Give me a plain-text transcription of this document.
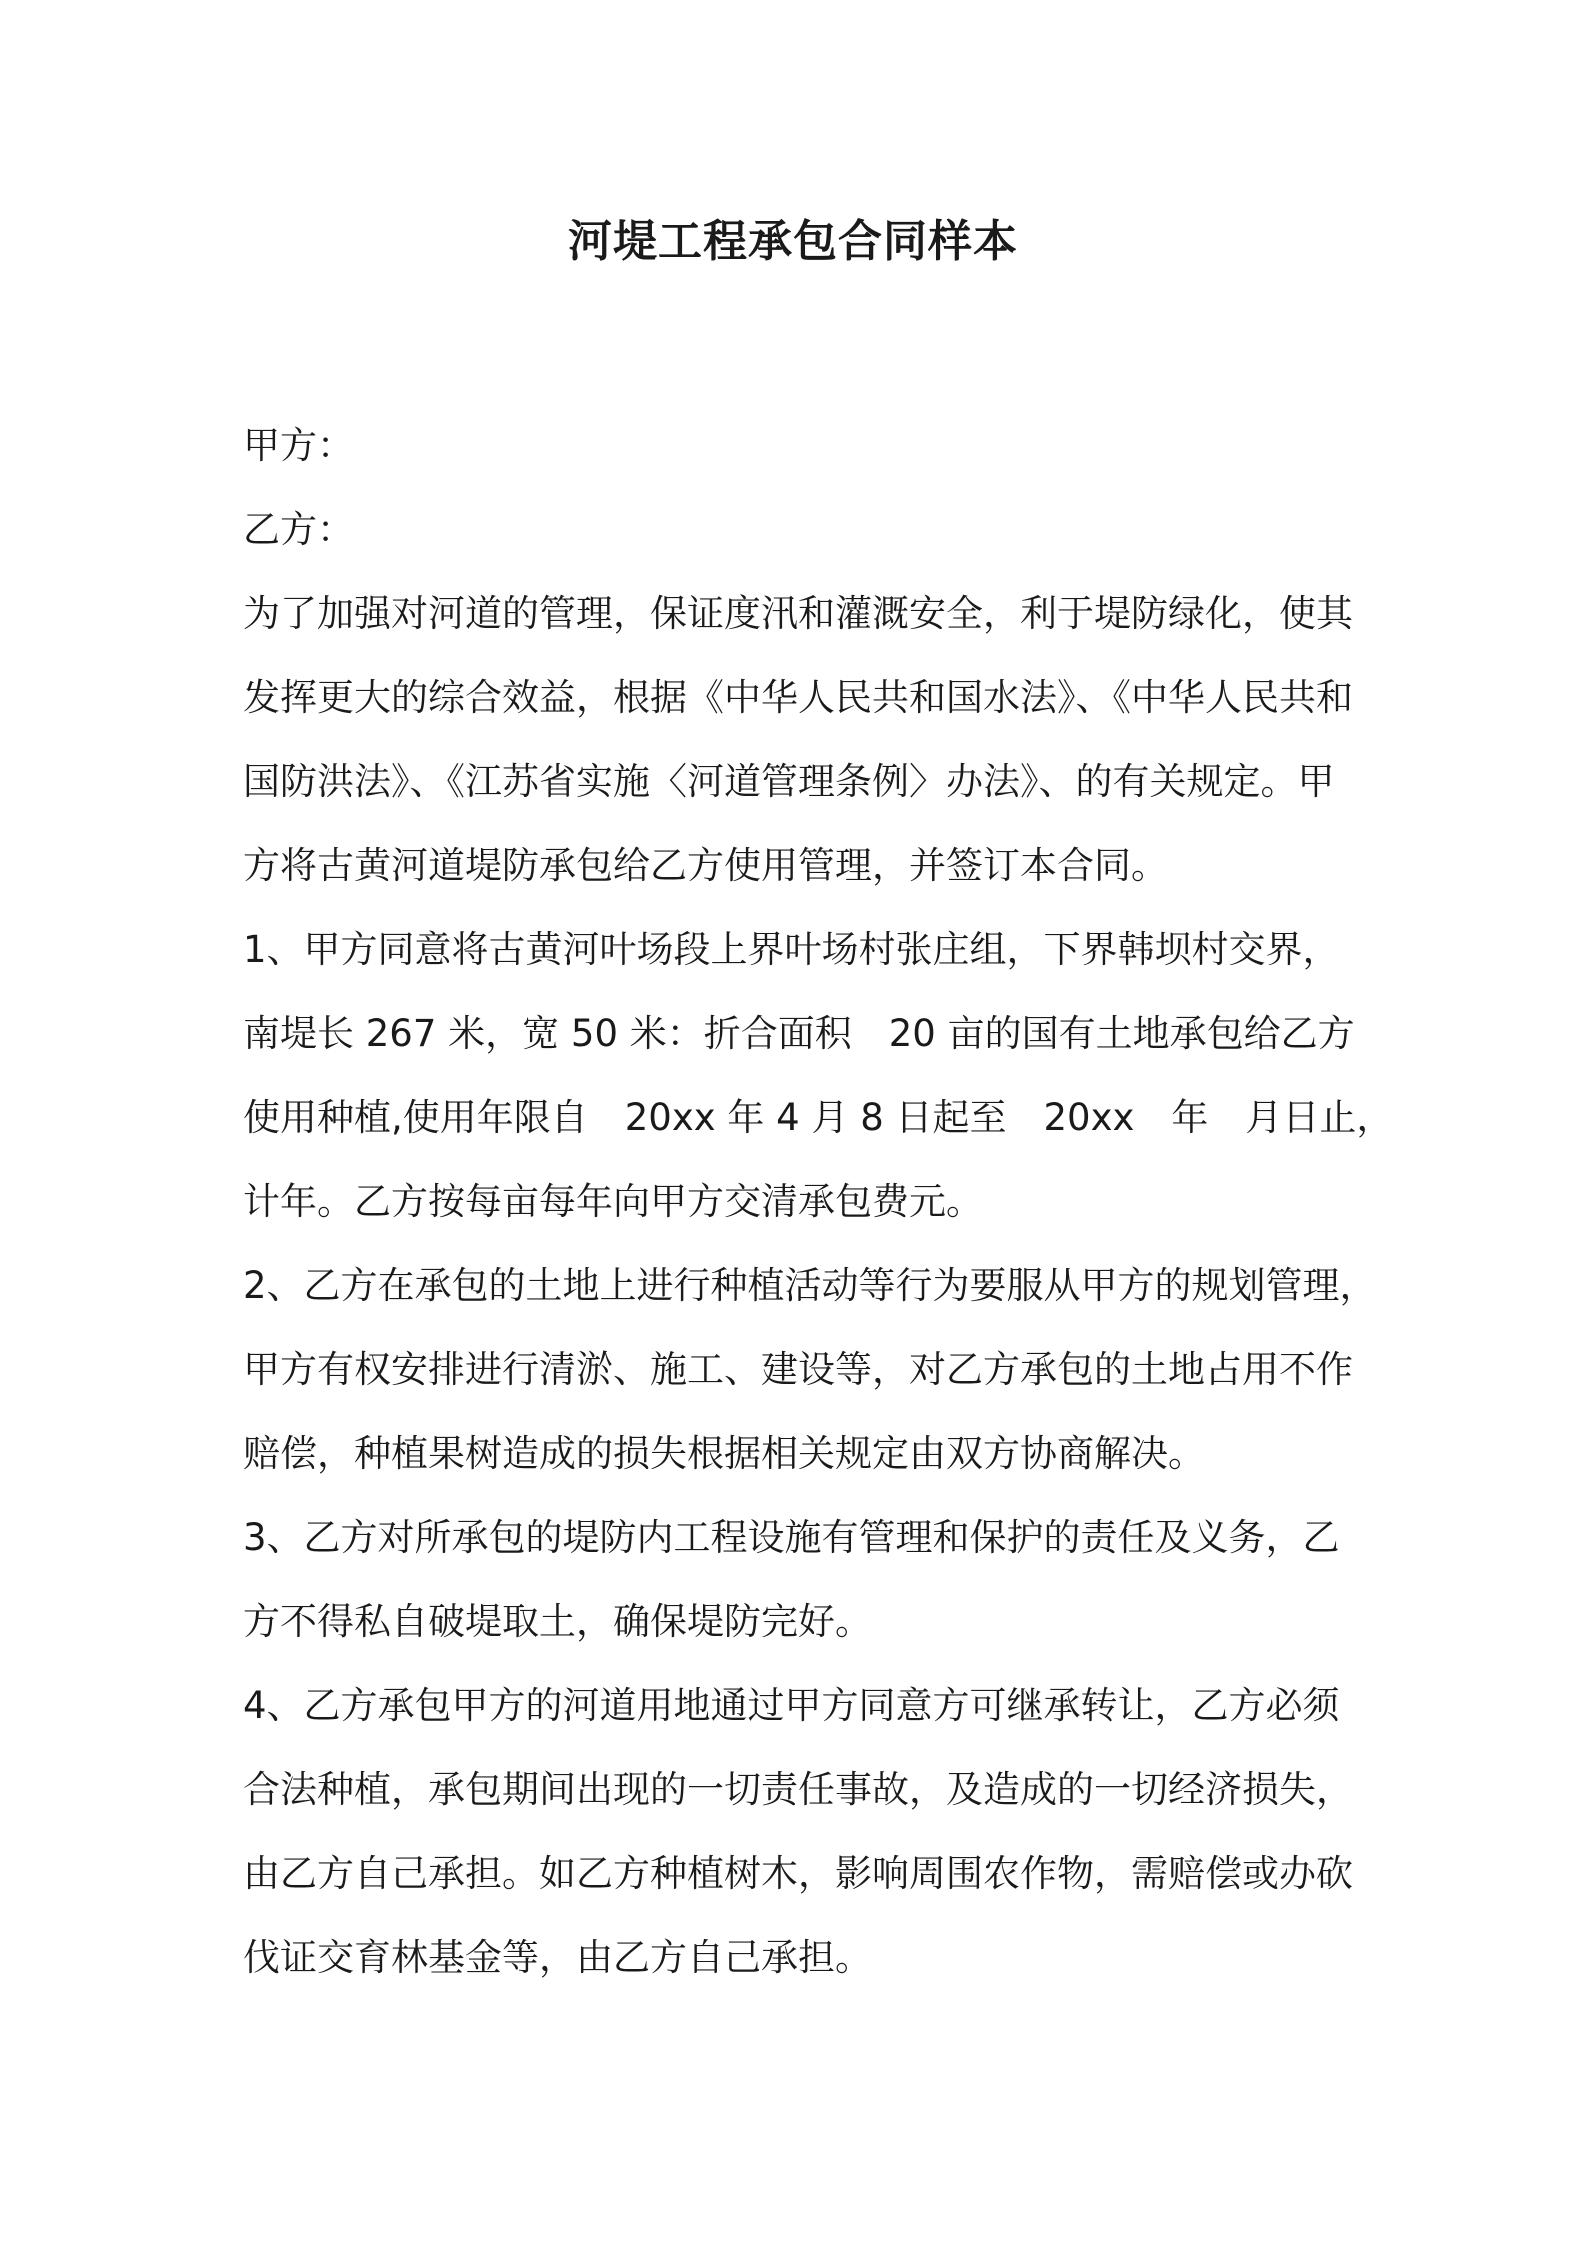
河堤工程承包合同样本
甲方：
乙方：
为了加强对河道的管理，保证度汛和灌溉安全，利于堤防绿化，使其
发挥更大的综合效益，根据《中华人民共和国水法》、《中华人民共和
国防洪法》、《江苏省实施〈河道管理条例〉办法》、的有关规定。甲
方将古黄河道堤防承包给乙方使用管理，并签订本合同。
1、甲方同意将古黄河叶场段上界叶场村张庄组，下界韩坝村交界，
南堤长 267 米，宽 50 米：折合面积　20 亩的国有土地承包给乙方
使用种植,使用年限自　20xx 年 4 月 8 日起至　20xx　年　月日止，
计年。乙方按每亩每年向甲方交清承包费元。
2、乙方在承包的土地上进行种植活动等行为要服从甲方的规划管理，
甲方有权安排进行清淤、施工、建设等，对乙方承包的土地占用不作
赔偿，种植果树造成的损失根据相关规定由双方协商解决。
3、乙方对所承包的堤防内工程设施有管理和保护的责任及义务，乙
方不得私自破堤取土，确保堤防完好。
4、乙方承包甲方的河道用地通过甲方同意方可继承转让，乙方必须
合法种植，承包期间出现的一切责任事故，及造成的一切经济损失，
由乙方自己承担。如乙方种植树木，影响周围农作物，需赔偿或办砍
伐证交育林基金等，由乙方自己承担。
